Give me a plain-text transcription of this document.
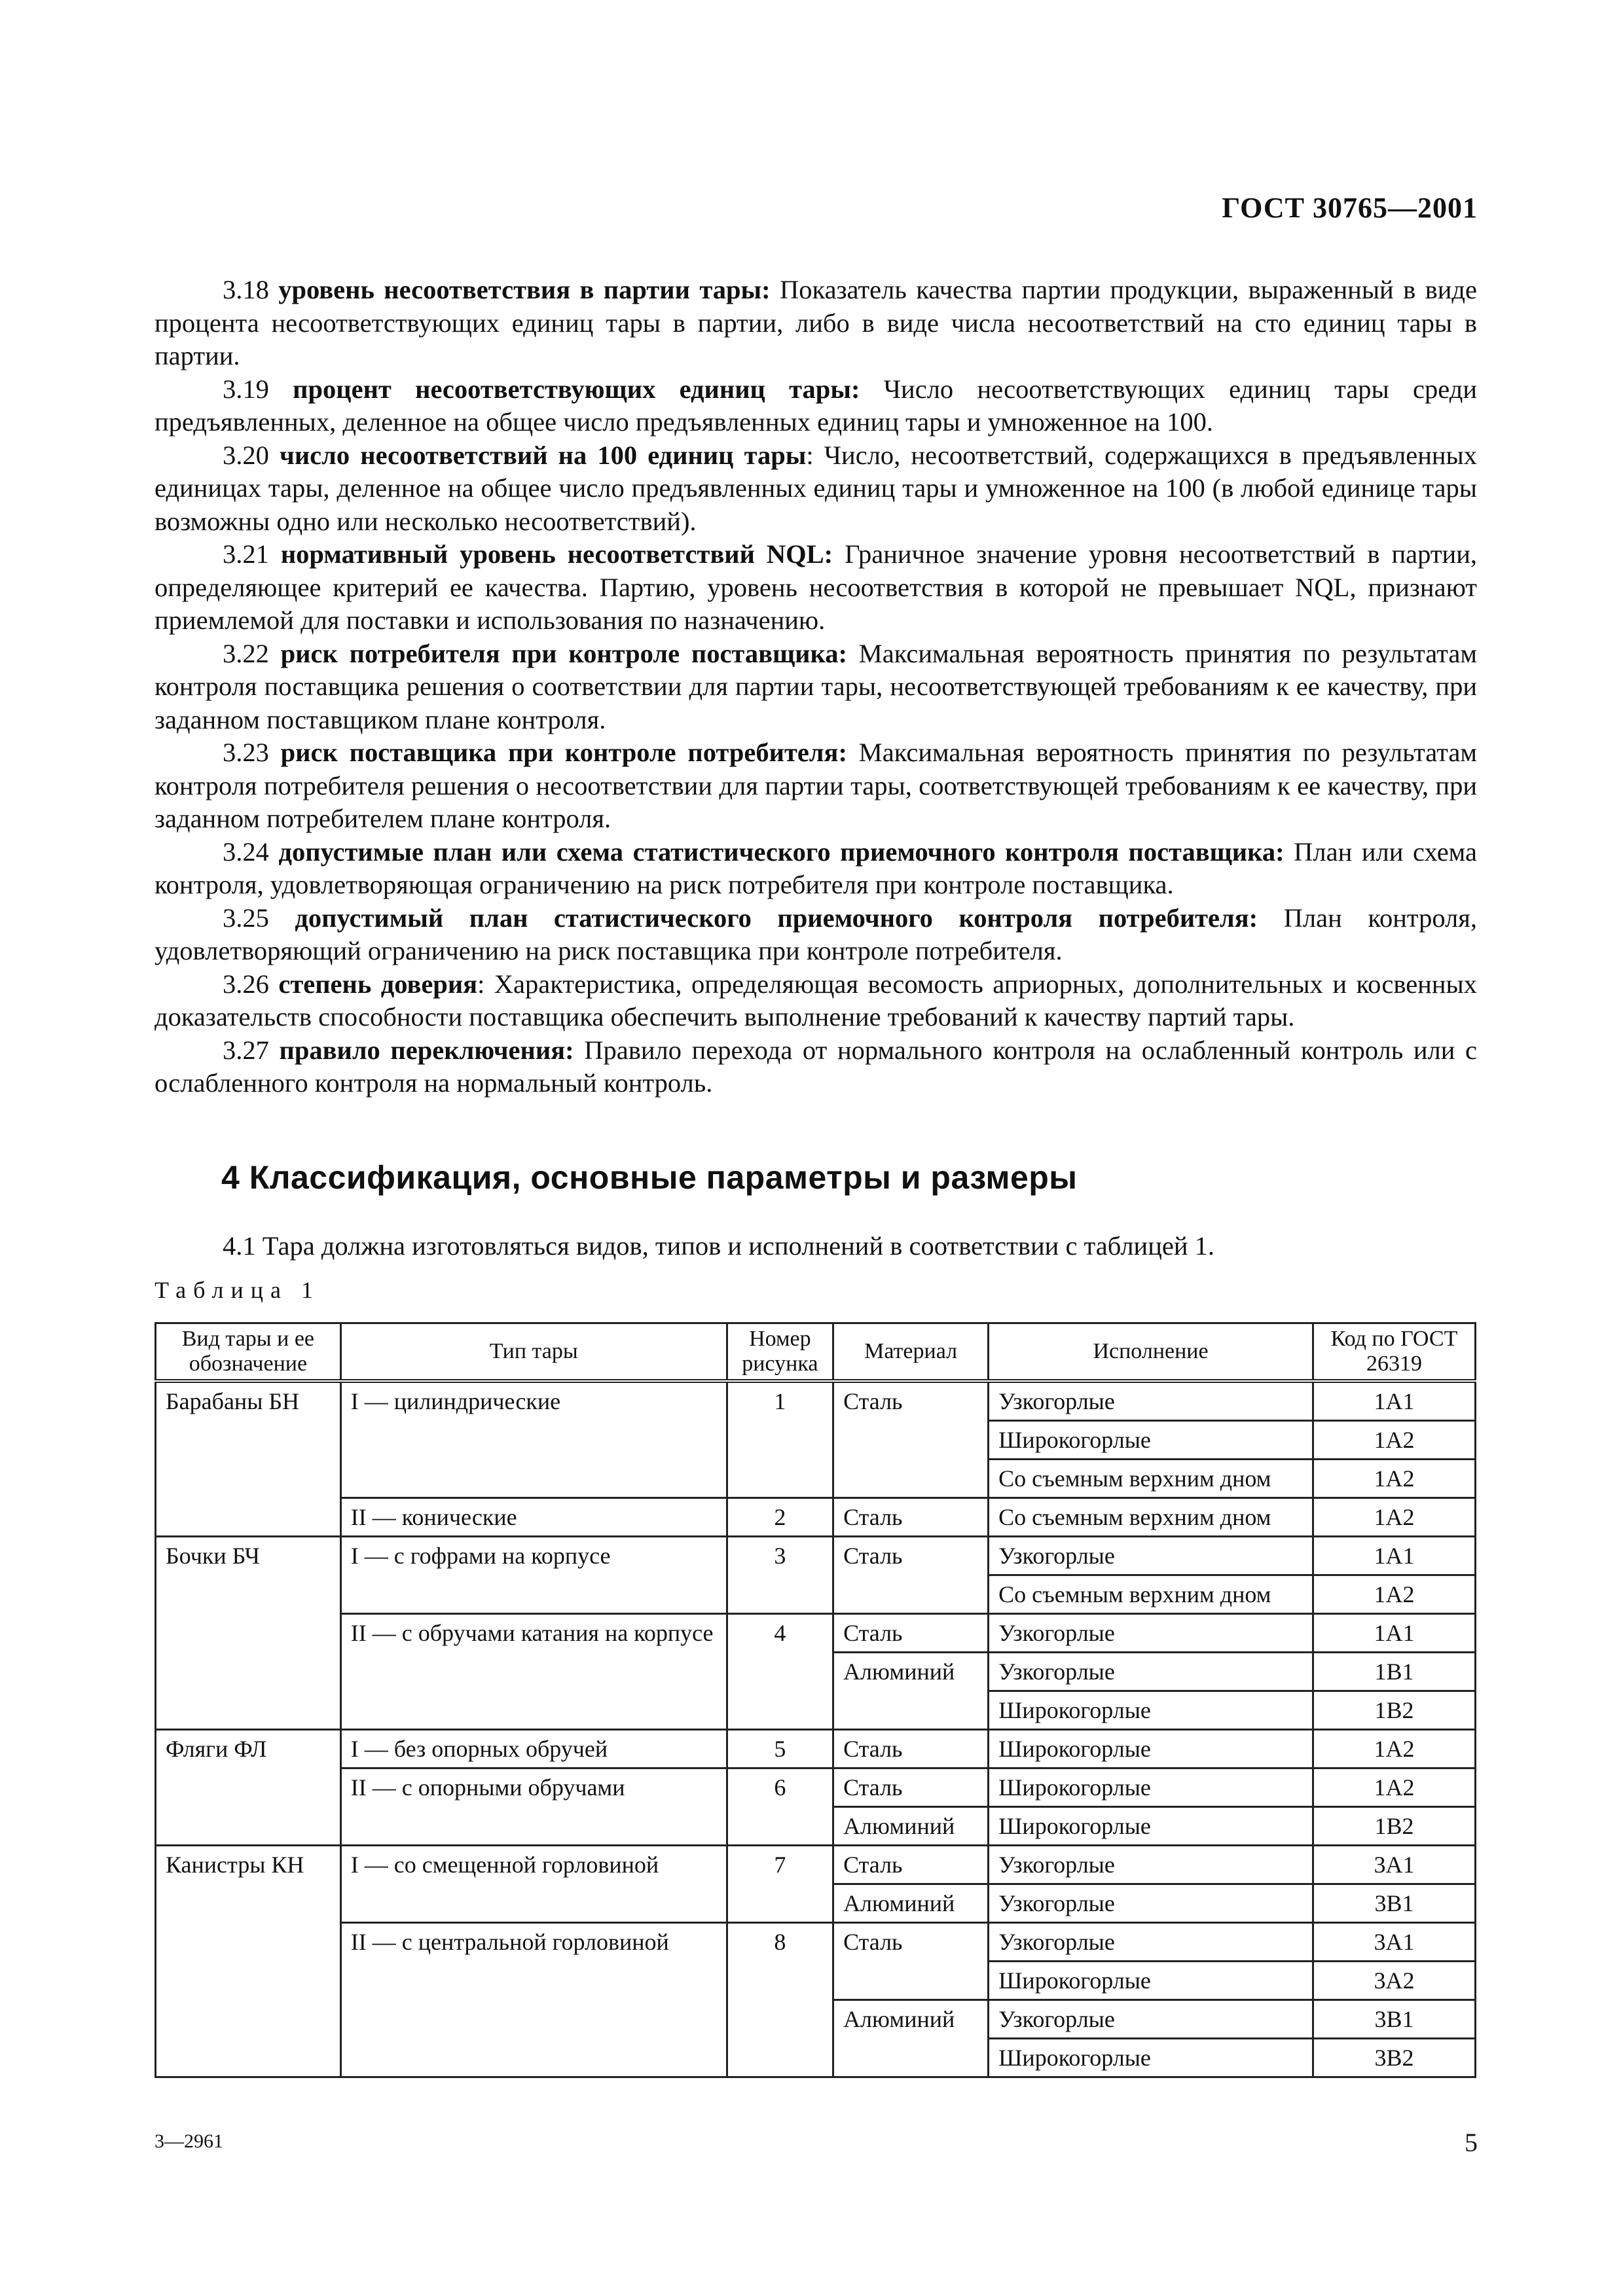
ГОСТ 30765—2001

3.18 уровень несоответствия в партии тары: Показатель качества партии продукции, выраженный в виде процента несоответствующих единиц тары в партии, либо в виде числа несоответствий на сто единиц тары в партии.

3.19 процент несоответствующих единиц тары: Число несоответствующих единиц тары среди предъявленных, деленное на общее число предъявленных единиц тары и умноженное на 100.

3.20 число несоответствий на 100 единиц тары: Число, несоответствий, содержащихся в предъявленных единицах тары, деленное на общее число предъявленных единиц тары и умноженное на 100 (в любой единице тары возможны одно или несколько несоответствий).

3.21 нормативный уровень несоответствий NQL: Граничное значение уровня несоответствий в партии, определяющее критерий ее качества. Партию, уровень несоответствия в которой не превышает NQL, признают приемлемой для поставки и использования по назначению.

3.22 риск потребителя при контроле поставщика: Максимальная вероятность принятия по результатам контроля поставщика решения о соответствии для партии тары, несоответствующей требованиям к ее качеству, при заданном поставщиком плане контроля.

3.23 риск поставщика при контроле потребителя: Максимальная вероятность принятия по результатам контроля потребителя решения о несоответствии для партии тары, соответствующей требованиям к ее качеству, при заданном потребителем плане контроля.

3.24 допустимые план или схема статистического приемочного контроля поставщика: План или схема контроля, удовлетворяющая ограничению на риск потребителя при контроле поставщика.

3.25 допустимый план статистического приемочного контроля потребителя: План контроля, удовлетворяющий ограничению на риск поставщика при контроле потребителя.

3.26 степень доверия: Характеристика, определяющая весомость априорных, дополнительных и косвенных доказательств способности поставщика обеспечить выполнение требований к качеству партий тары.

3.27 правило переключения: Правило перехода от нормального контроля на ослабленный контроль или с ослабленного контроля на нормальный контроль.

4 Классификация, основные параметры и размеры
4.1 Тара должна изготовляться видов, типов и исполнений в соответствии с таблицей 1.
Таблица 1
Вид тары и ее обозначение	Тип тары	Номер рисунка	Материал	Исполнение	Код по ГОСТ 26319
Барабаны БН	I — цилиндрические	1	Сталь	Узкогорлые	1A1
				Широкогорлые	1A2
				Со съемным верхним дном	1A2
	II — конические	2	Сталь	Со съемным верхним дном	1A2
Бочки БЧ	I — с гофрами на корпусе	3	Сталь	Узкогорлые	1A1
				Со съемным верхним дном	1A2
	II — с обручами катания на корпусе	4	Сталь	Узкогорлые	1A1
			Алюминий	Узкогорлые	1B1
				Широкогорлые	1B2
Фляги ФЛ	I — без опорных обручей	5	Сталь	Широкогорлые	1A2
	II — с опорными обручами	6	Сталь	Широкогорлые	1A2
			Алюминий	Широкогорлые	1B2
Канистры КН	I — со смещенной горловиной	7	Сталь	Узкогорлые	3A1
			Алюминий	Узкогорлые	3B1
	II — с центральной горловиной	8	Сталь	Узкогорлые	3A1
				Широкогорлые	3A2
			Алюминий	Узкогорлые	3B1
				Широкогорлые	3B2
3—2961	5
